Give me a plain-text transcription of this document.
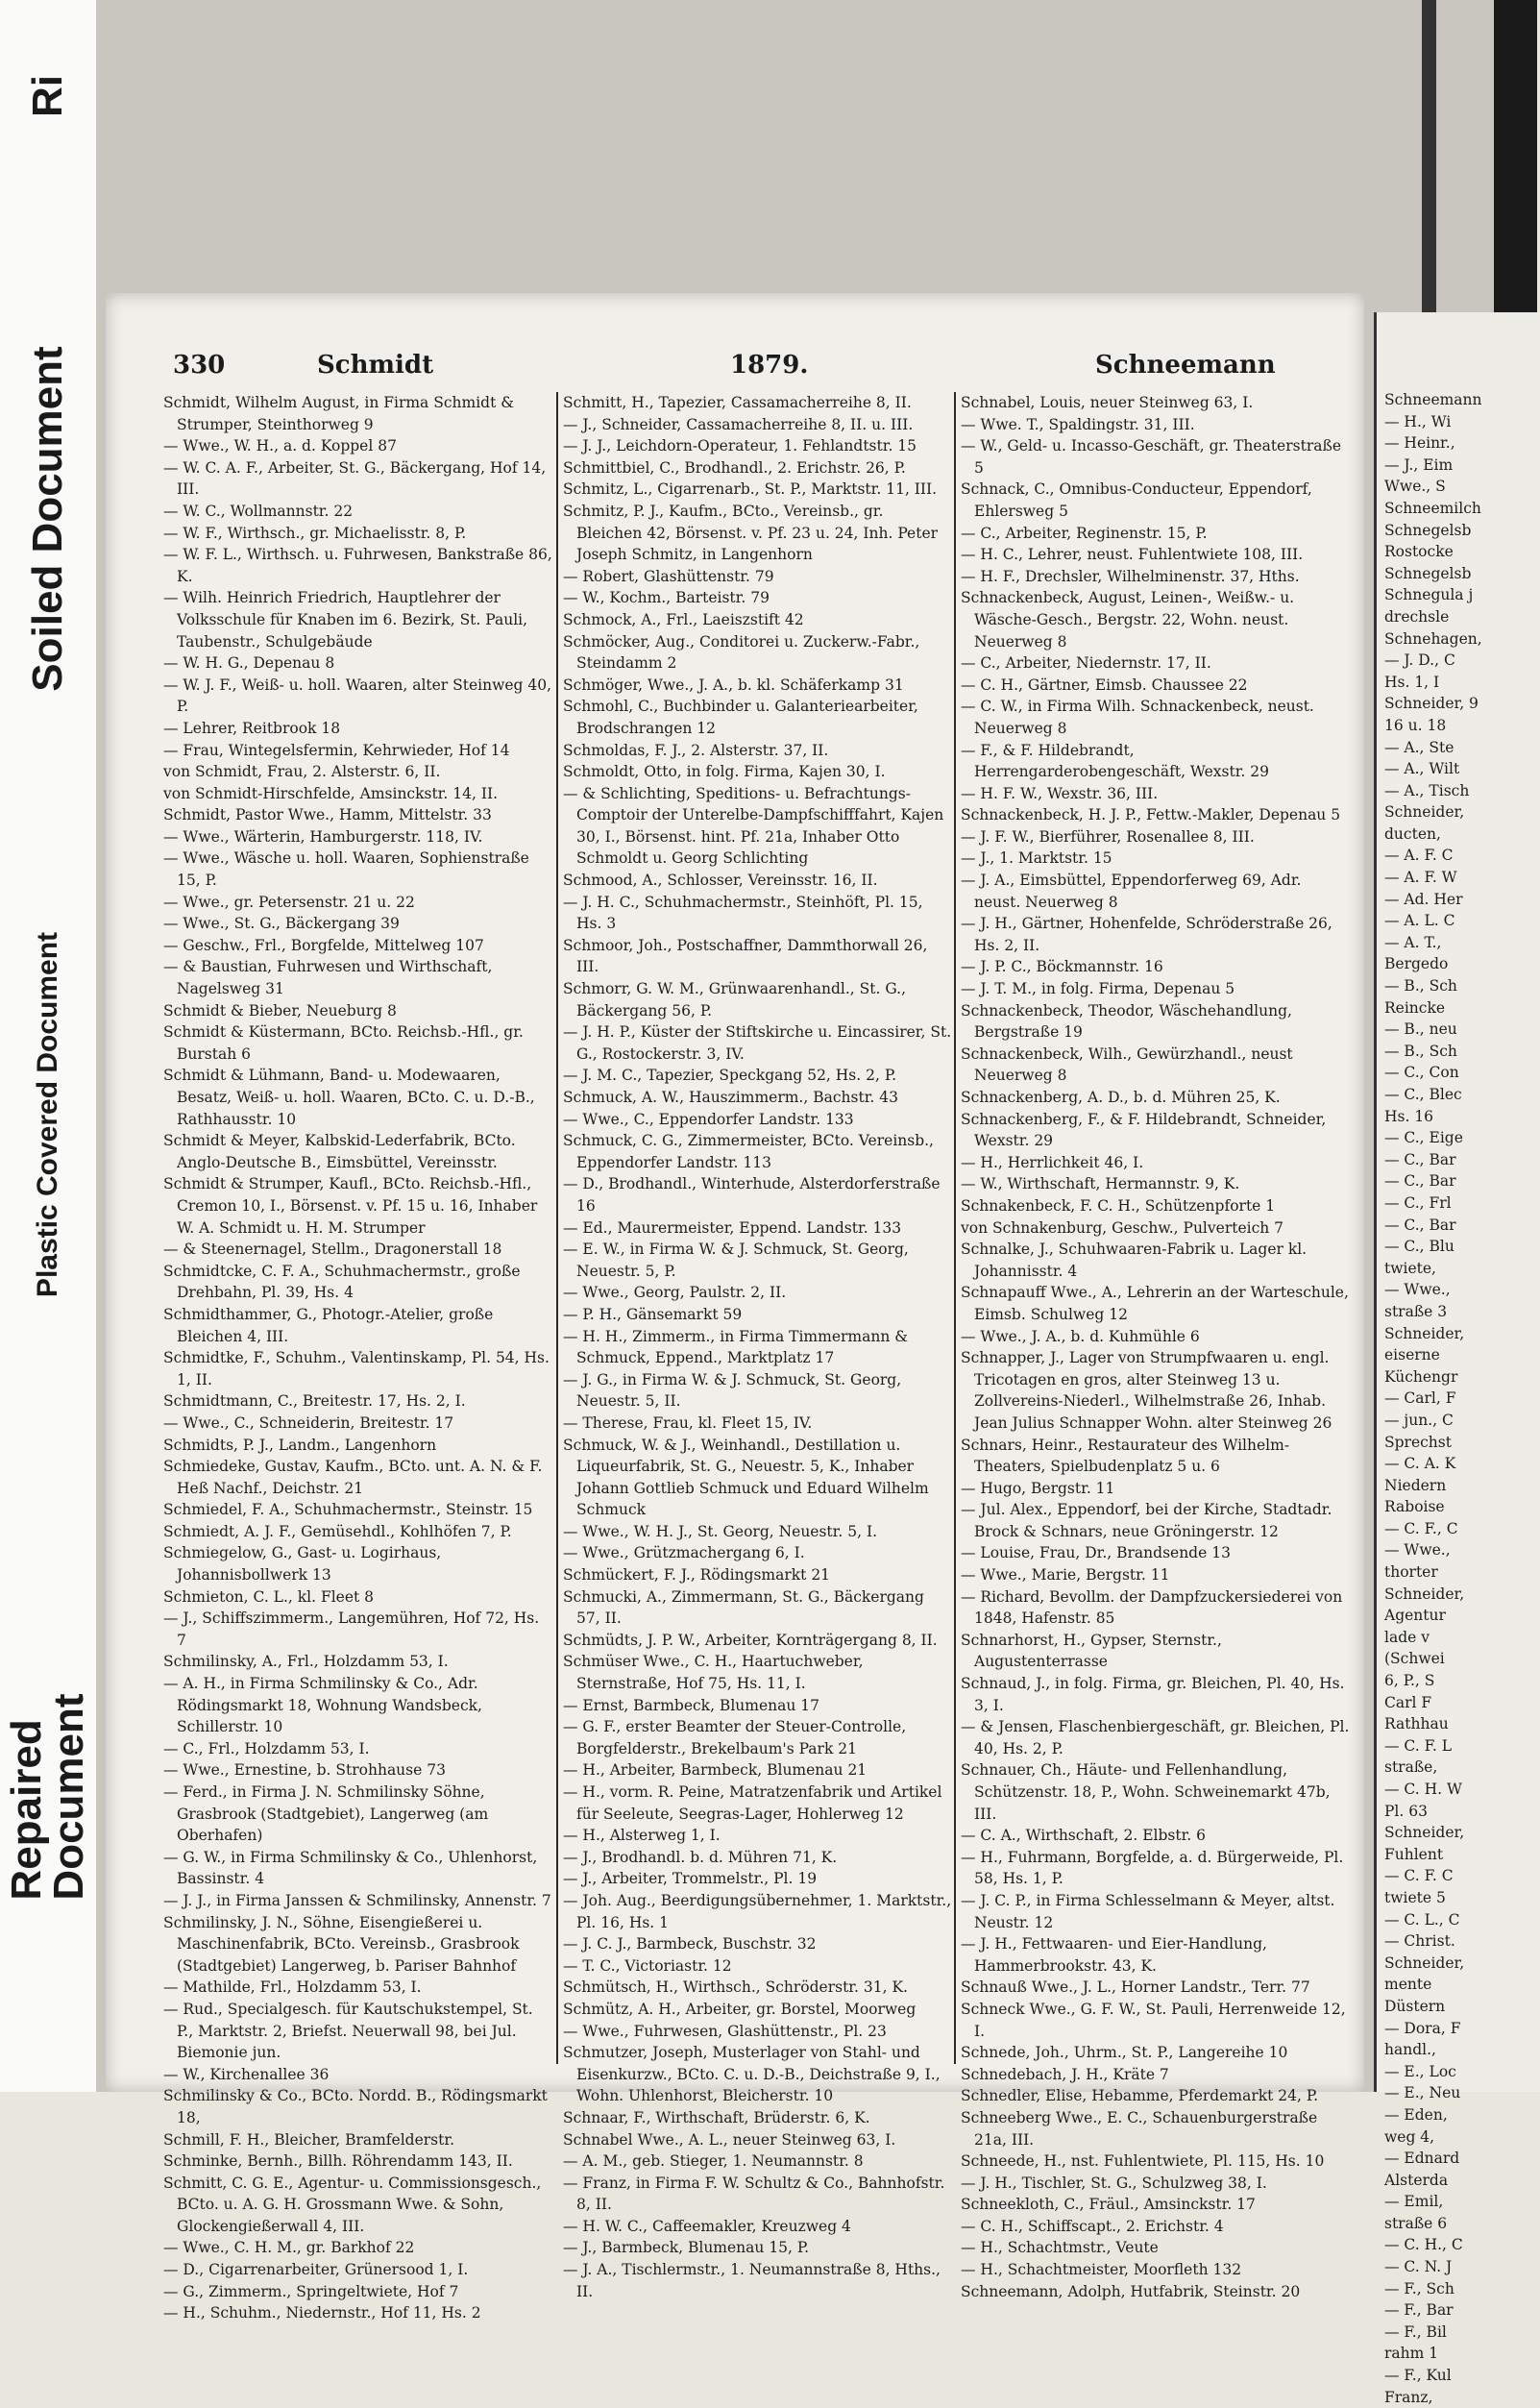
Ri
Soiled Document
Plastic Covered Document
Repaired
Document
330	Schmidt	1879.	Schneemann

Schmidt, Wilhelm August, in Firma Schmidt & Strumper, Steinthorweg 9

— Wwe., W. H., a. d. Koppel 87

— W. C. A. F., Arbeiter, St. G., Bäckergang, Hof 14, III.

— W. C., Wollmannstr. 22

— W. F., Wirthsch., gr. Michaelisstr. 8, P.

— W. F. L., Wirthsch. u. Fuhrwesen, Bankstraße 86, K.

— Wilh. Heinrich Friedrich, Hauptlehrer der Volksschule für Knaben im 6. Bezirk, St. Pauli, Taubenstr., Schulgebäude

— W. H. G., Depenau 8

— W. J. F., Weiß- u. holl. Waaren, alter Steinweg 40, P.

— Lehrer, Reitbrook 18

— Frau, Wintegelsfermin, Kehrwieder, Hof 14

von Schmidt, Frau, 2. Alsterstr. 6, II.

von Schmidt-Hirschfelde, Amsinckstr. 14, II.

Schmidt, Pastor Wwe., Hamm, Mittelstr. 33

— Wwe., Wärterin, Hamburgerstr. 118, IV.

— Wwe., Wäsche u. holl. Waaren, Sophienstraße 15, P.

— Wwe., gr. Petersenstr. 21 u. 22

— Wwe., St. G., Bäckergang 39

— Geschw., Frl., Borgfelde, Mittelweg 107

— & Baustian, Fuhrwesen und Wirthschaft, Nagelsweg 31

Schmidt & Bieber, Neueburg 8

Schmidt & Küstermann, BCto. Reichsb.-Hfl., gr. Burstah 6

Schmidt & Lühmann, Band- u. Modewaaren, Besatz, Weiß- u. holl. Waaren, BCto. C. u. D.-B., Rathhausstr. 10

Schmidt & Meyer, Kalbskid-Lederfabrik, BCto. Anglo-Deutsche B., Eimsbüttel, Vereinsstr.

Schmidt & Strumper, Kaufl., BCto. Reichsb.-Hfl., Cremon 10, I., Börsenst. v. Pf. 15 u. 16, Inhaber W. A. Schmidt u. H. M. Strumper

— & Steenernagel, Stellm., Dragonerstall 18

Schmidtcke, C. F. A., Schuhmachermstr., große Drehbahn, Pl. 39, Hs. 4

Schmidthammer, G., Photogr.-Atelier, große Bleichen 4, III.

Schmidtke, F., Schuhm., Valentinskamp, Pl. 54, Hs. 1, II.

Schmidtmann, C., Breitestr. 17, Hs. 2, I.

— Wwe., C., Schneiderin, Breitestr. 17

Schmidts, P. J., Landm., Langenhorn

Schmiedeke, Gustav, Kaufm., BCto. unt. A. N. & F. Heß Nachf., Deichstr. 21

Schmiedel, F. A., Schuhmachermstr., Steinstr. 15

Schmiedt, A. J. F., Gemüsehdl., Kohlhöfen 7, P.

Schmiegelow, G., Gast- u. Logirhaus, Johannisbollwerk 13

Schmieton, C. L., kl. Fleet 8

— J., Schiffszimmerm., Langemühren, Hof 72, Hs. 7

Schmilinsky, A., Frl., Holzdamm 53, I.

— A. H., in Firma Schmilinsky & Co., Adr. Rödingsmarkt 18, Wohnung Wandsbeck, Schillerstr. 10

— C., Frl., Holzdamm 53, I.

— Wwe., Ernestine, b. Strohhause 73

— Ferd., in Firma J. N. Schmilinsky Söhne, Grasbrook (Stadtgebiet), Langerweg (am Oberhafen)

— G. W., in Firma Schmilinsky & Co., Uhlenhorst, Bassinstr. 4

— J. J., in Firma Janssen & Schmilinsky, Annenstr. 7

Schmilinsky, J. N., Söhne, Eisengießerei u. Maschinenfabrik, BCto. Vereinsb., Grasbrook (Stadtgebiet) Langerweg, b. Pariser Bahnhof

— Mathilde, Frl., Holzdamm 53, I.

— Rud., Specialgesch. für Kautschukstempel, St. P., Marktstr. 2, Briefst. Neuerwall 98, bei Jul. Biemonie jun.

— W., Kirchenallee 36

Schmilinsky & Co., BCto. Nordd. B., Rödingsmarkt 18,

Schmill, F. H., Bleicher, Bramfelderstr.

Schminke, Bernh., Billh. Röhrendamm 143, II.

Schmitt, C. G. E., Agentur- u. Commissionsgesch., BCto. u. A. G. H. Grossmann Wwe. & Sohn, Glockengießerwall 4, III.

— Wwe., C. H. M., gr. Barkhof 22

— D., Cigarrenarbeiter, Grünersood 1, I.

— G., Zimmerm., Springeltwiete, Hof 7

— H., Schuhm., Niedernstr., Hof 11, Hs. 2

Schmitt, H., Tapezier, Cassamacherreihe 8, II.

— J., Schneider, Cassamacherreihe 8, II. u. III.

— J. J., Leichdorn-Operateur, 1. Fehlandtstr. 15

Schmittbiel, C., Brodhandl., 2. Erichstr. 26, P.

Schmitz, L., Cigarrenarb., St. P., Marktstr. 11, III.

Schmitz, P. J., Kaufm., BCto., Vereinsb., gr. Bleichen 42, Börsenst. v. Pf. 23 u. 24, Inh. Peter Joseph Schmitz, in Langenhorn

— Robert, Glashüttenstr. 79

— W., Kochm., Barteistr. 79

Schmock, A., Frl., Laeiszstift 42

Schmöcker, Aug., Conditorei u. Zuckerw.-Fabr., Steindamm 2

Schmöger, Wwe., J. A., b. kl. Schäferkamp 31

Schmohl, C., Buchbinder u. Galanteriearbeiter, Brodschrangen 12

Schmoldas, F. J., 2. Alsterstr. 37, II.

Schmoldt, Otto, in folg. Firma, Kajen 30, I.

— & Schlichting, Speditions- u. Befrachtungs-Comptoir der Unterelbe-Dampfschifffahrt, Kajen 30, I., Börsenst. hint. Pf. 21a, Inhaber Otto Schmoldt u. Georg Schlichting

Schmood, A., Schlosser, Vereinsstr. 16, II.

— J. H. C., Schuhmachermstr., Steinhöft, Pl. 15, Hs. 3

Schmoor, Joh., Postschaffner, Dammthorwall 26, III.

Schmorr, G. W. M., Grünwaarenhandl., St. G., Bäckergang 56, P.

— J. H. P., Küster der Stiftskirche u. Eincassirer, St. G., Rostockerstr. 3, IV.

— J. M. C., Tapezier, Speckgang 52, Hs. 2, P.

Schmuck, A. W., Hauszimmerm., Bachstr. 43

— Wwe., C., Eppendorfer Landstr. 133

Schmuck, C. G., Zimmermeister, BCto. Vereinsb., Eppendorfer Landstr. 113

— D., Brodhandl., Winterhude, Alsterdorferstraße 16

— Ed., Maurermeister, Eppend. Landstr. 133

— E. W., in Firma W. & J. Schmuck, St. Georg, Neuestr. 5, P.

— Wwe., Georg, Paulstr. 2, II.

— P. H., Gänsemarkt 59

— H. H., Zimmerm., in Firma Timmermann & Schmuck, Eppend., Marktplatz 17

— J. G., in Firma W. & J. Schmuck, St. Georg, Neuestr. 5, II.

— Therese, Frau, kl. Fleet 15, IV.

Schmuck, W. & J., Weinhandl., Destillation u. Liqueurfabrik, St. G., Neuestr. 5, K., Inhaber Johann Gottlieb Schmuck und Eduard Wilhelm Schmuck

— Wwe., W. H. J., St. Georg, Neuestr. 5, I.

— Wwe., Grützmachergang 6, I.

Schmückert, F. J., Rödingsmarkt 21

Schmucki, A., Zimmermann, St. G., Bäckergang 57, II.

Schmüdts, J. P. W., Arbeiter, Kornträgergang 8, II.

Schmüser Wwe., C. H., Haartuchweber, Sternstraße, Hof 75, Hs. 11, I.

— Ernst, Barmbeck, Blumenau 17

— G. F., erster Beamter der Steuer-Controlle, Borgfelderstr., Brekelbaum's Park 21

— H., Arbeiter, Barmbeck, Blumenau 21

— H., vorm. R. Peine, Matratzenfabrik und Artikel für Seeleute, Seegras-Lager, Hohlerweg 12

— H., Alsterweg 1, I.

— J., Brodhandl. b. d. Mühren 71, K.

— J., Arbeiter, Trommelstr., Pl. 19

— Joh. Aug., Beerdigungsübernehmer, 1. Marktstr., Pl. 16, Hs. 1

— J. C. J., Barmbeck, Buschstr. 32

— T. C., Victoriastr. 12

Schmütsch, H., Wirthsch., Schröderstr. 31, K.

Schmütz, A. H., Arbeiter, gr. Borstel, Moorweg

— Wwe., Fuhrwesen, Glashüttenstr., Pl. 23

Schmutzer, Joseph, Musterlager von Stahl- und Eisenkurzw., BCto. C. u. D.-B., Deichstraße 9, I., Wohn. Uhlenhorst, Bleicherstr. 10

Schnaar, F., Wirthschaft, Brüderstr. 6, K.

Schnabel Wwe., A. L., neuer Steinweg 63, I.

— A. M., geb. Stieger, 1. Neumannstr. 8

— Franz, in Firma F. W. Schultz & Co., Bahnhofstr. 8, II.

— H. W. C., Caffeemakler, Kreuzweg 4

— J., Barmbeck, Blumenau 15, P.

— J. A., Tischlermstr., 1. Neumannstraße 8, Hths., II.

Schnabel, Louis, neuer Steinweg 63, I.

— Wwe. T., Spaldingstr. 31, III.

— W., Geld- u. Incasso-Geschäft, gr. Theaterstraße 5

Schnack, C., Omnibus-Conducteur, Eppendorf, Ehlersweg 5

— C., Arbeiter, Reginenstr. 15, P.

— H. C., Lehrer, neust. Fuhlentwiete 108, III.

— H. F., Drechsler, Wilhelminenstr. 37, Hths.

Schnackenbeck, August, Leinen-, Weißw.- u. Wäsche-Gesch., Bergstr. 22, Wohn. neust. Neuerweg 8

— C., Arbeiter, Niedernstr. 17, II.

— C. H., Gärtner, Eimsb. Chaussee 22

— C. W., in Firma Wilh. Schnackenbeck, neust. Neuerweg 8

— F., & F. Hildebrandt, Herrengarderobengeschäft, Wexstr. 29

— H. F. W., Wexstr. 36, III.

Schnackenbeck, H. J. P., Fettw.-Makler, Depenau 5

— J. F. W., Bierführer, Rosenallee 8, III.

— J., 1. Marktstr. 15

— J. A., Eimsbüttel, Eppendorferweg 69, Adr. neust. Neuerweg 8

— J. H., Gärtner, Hohenfelde, Schröderstraße 26, Hs. 2, II.

— J. P. C., Böckmannstr. 16

— J. T. M., in folg. Firma, Depenau 5

Schnackenbeck, Theodor, Wäschehandlung, Bergstraße 19

Schnackenbeck, Wilh., Gewürzhandl., neust Neuerweg 8

Schnackenberg, A. D., b. d. Mühren 25, K.

Schnackenberg, F., & F. Hildebrandt, Schneider, Wexstr. 29

— H., Herrlichkeit 46, I.

— W., Wirthschaft, Hermannstr. 9, K.

Schnakenbeck, F. C. H., Schützenpforte 1

von Schnakenburg, Geschw., Pulverteich 7

Schnalke, J., Schuhwaaren-Fabrik u. Lager kl. Johannisstr. 4

Schnapauff Wwe., A., Lehrerin an der Warteschule, Eimsb. Schulweg 12

— Wwe., J. A., b. d. Kuhmühle 6

Schnapper, J., Lager von Strumpfwaaren u. engl. Tricotagen en gros, alter Steinweg 13 u. Zollvereins-Niederl., Wilhelmstraße 26, Inhab. Jean Julius Schnapper Wohn. alter Steinweg 26

Schnars, Heinr., Restaurateur des Wilhelm-Theaters, Spielbudenplatz 5 u. 6

— Hugo, Bergstr. 11

— Jul. Alex., Eppendorf, bei der Kirche, Stadtadr. Brock & Schnars, neue Gröningerstr. 12

— Louise, Frau, Dr., Brandsende 13

— Wwe., Marie, Bergstr. 11

— Richard, Bevollm. der Dampfzuckersiederei von 1848, Hafenstr. 85

Schnarhorst, H., Gypser, Sternstr., Augustenterrasse

Schnaud, J., in folg. Firma, gr. Bleichen, Pl. 40, Hs. 3, I.

— & Jensen, Flaschenbiergeschäft, gr. Bleichen, Pl. 40, Hs. 2, P.

Schnauer, Ch., Häute- und Fellenhandlung, Schützenstr. 18, P., Wohn. Schweinemarkt 47b, III.

— C. A., Wirthschaft, 2. Elbstr. 6

— H., Fuhrmann, Borgfelde, a. d. Bürgerweide, Pl. 58, Hs. 1, P.

— J. C. P., in Firma Schlesselmann & Meyer, altst. Neustr. 12

— J. H., Fettwaaren- und Eier-Handlung, Hammerbrookstr. 43, K.

Schnauß Wwe., J. L., Horner Landstr., Terr. 77

Schneck Wwe., G. F. W., St. Pauli, Herrenweide 12, I.

Schnede, Joh., Uhrm., St. P., Langereihe 10

Schnedebach, J. H., Kräte 7

Schnedler, Elise, Hebamme, Pferdemarkt 24, P.

Schneeberg Wwe., E. C., Schauenburgerstraße 21a, III.

Schneede, H., nst. Fuhlentwiete, Pl. 115, Hs. 10

— J. H., Tischler, St. G., Schulzweg 38, I.

Schneekloth, C., Fräul., Amsinckstr. 17

— C. H., Schiffscapt., 2. Erichstr. 4

— H., Schachtmstr., Veute

— H., Schachtmeister, Moorfleth 132

Schneemann, Adolph, Hutfabrik, Steinstr. 20

Schneemann
— H., Wi
— Heinr.,
— J., Eim
Wwe., S
Schneemilch
Schnegelsb
Rostocke
Schnegelsb
Schnegula j
drechsle
Schnehagen,
— J. D., C
Hs. 1, I
Schneider, 9
16 u. 18
— A., Ste
— A., Wilt
— A., Tisch
Schneider,
ducten,
— A. F. C
— A. F. W
— Ad. Her
— A. L. C
— A. T.,
Bergedo
— B., Sch
Reincke
— B., neu
— B., Sch
— C., Con
— C., Blec
Hs. 16
— C., Eige
— C., Bar
— C., Bar
— C., Frl
— C., Bar
— C., Blu
twiete,
— Wwe.,
straße 3
Schneider,
eiserne
Küchengr
— Carl, F
— jun., C
Sprechst
— C. A. K
Niedern
Raboise
— C. F., C
— Wwe.,
thorter
Schneider,
Agentur
lade v
(Schwei
6, P., S
Carl F
Rathhau
— C. F. L
straße,
— C. H. W
Pl. 63
Schneider,
Fuhlent
— C. F. C
twiete 5
— C. L., C
— Christ.
Schneider,
mente
Düstern
— Dora, F
handl.,
— E., Loc
— E., Neu
— Eden,
weg 4,
— Ednard
Alsterda
— Emil,
straße 6
— C. H., C
— C. N. J
— F., Sch
— F., Bar
— F., Bil
rahm 1
— F., Kul
Franz,
